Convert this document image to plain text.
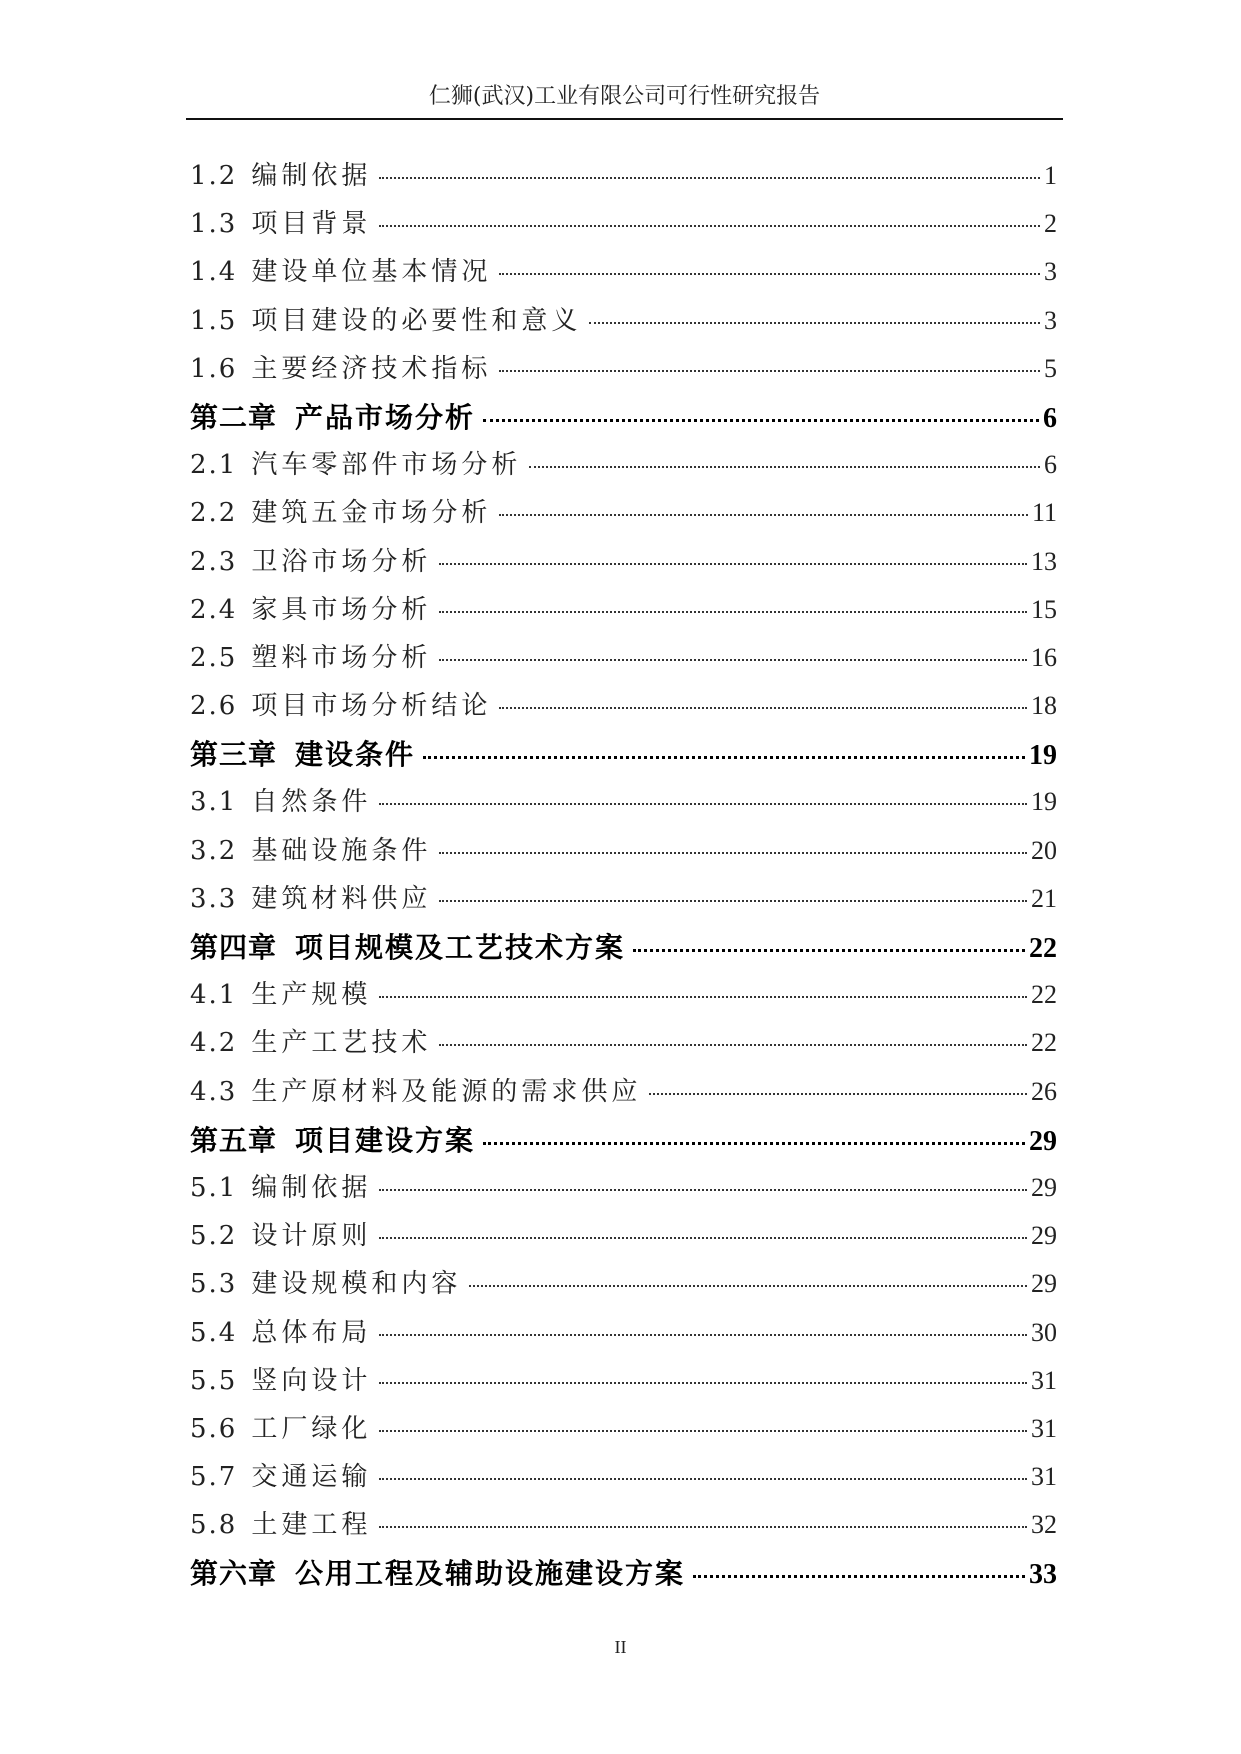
仁狮(武汉)工业有限公司可行性研究报告
1.2 编制依据	1
1.3 项目背景	2
1.4 建设单位基本情况	3
1.5 项目建设的必要性和意义	3
1.6 主要经济技术指标	5
第二章 产品市场分析	6
2.1 汽车零部件市场分析	6
2.2 建筑五金市场分析	11
2.3 卫浴市场分析	13
2.4 家具市场分析	15
2.5 塑料市场分析	16
2.6 项目市场分析结论	18
第三章 建设条件	19
3.1 自然条件	19
3.2 基础设施条件	20
3.3 建筑材料供应	21
第四章 项目规模及工艺技术方案	22
4.1 生产规模	22
4.2 生产工艺技术	22
4.3 生产原材料及能源的需求供应	26
第五章 项目建设方案	29
5.1 编制依据	29
5.2 设计原则	29
5.3 建设规模和内容	29
5.4 总体布局	30
5.5 竖向设计	31
5.6 工厂绿化	31
5.7 交通运输	31
5.8 土建工程	32
第六章 公用工程及辅助设施建设方案	33
II
